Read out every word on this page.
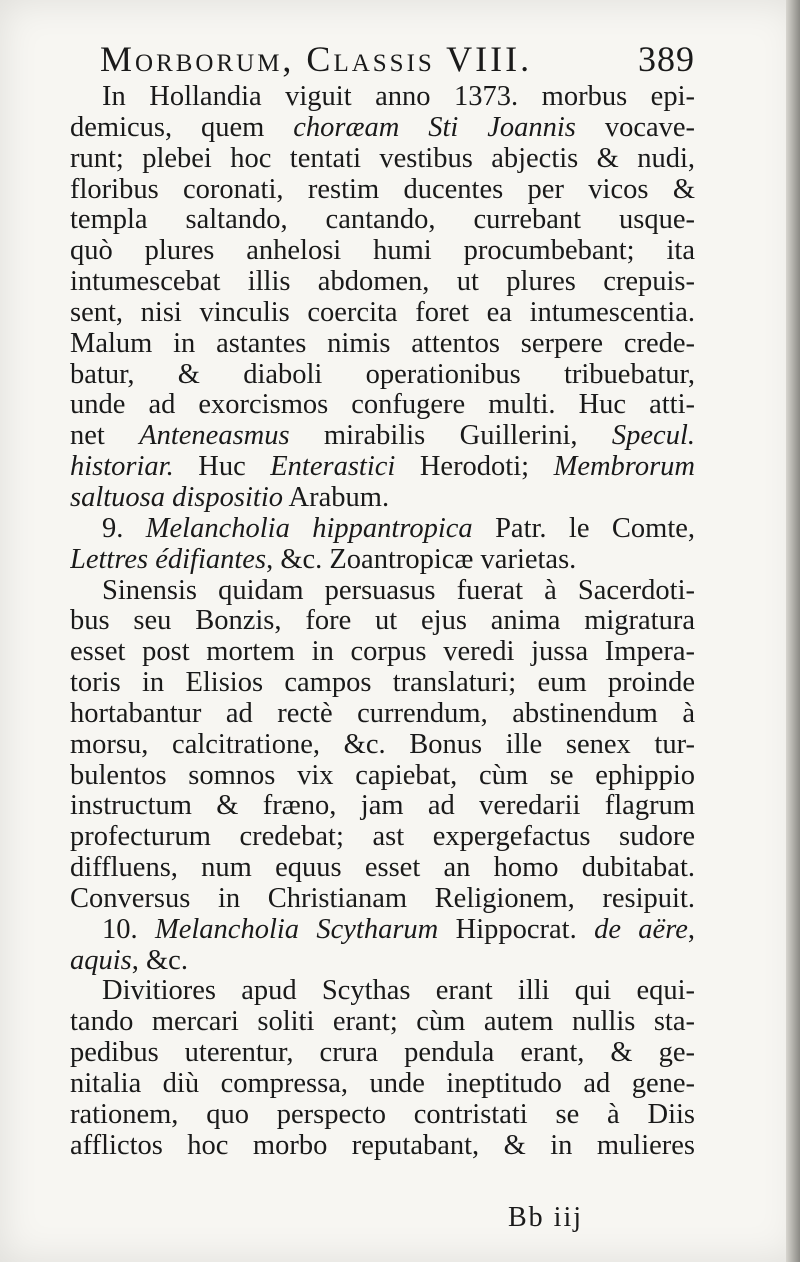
Morborum, Classis VIII.	389
In Hollandia viguit anno 1373. morbus epi-
demicus, quem choræam Sti Joannis vocave-
runt; plebei hoc tentati vestibus abjectis & nudi,
floribus coronati, restim ducentes per vicos &
templa saltando, cantando, currebant usque-
quò plures anhelosi humi procumbebant; ita
intumescebat illis abdomen, ut plures crepuis-
sent, nisi vinculis coercita foret ea intumescentia.
Malum in astantes nimis attentos serpere crede-
batur, & diaboli operationibus tribuebatur,
unde ad exorcismos confugere multi. Huc atti-
net Anteneasmus mirabilis Guillerini, Specul.
historiar. Huc Enterastici Herodoti; Membrorum
saltuosa dispositio Arabum.
9. Melancholia hippantropica Patr. le Comte,
Lettres édifiantes, &c. Zoantropicæ varietas.
Sinensis quidam persuasus fuerat à Sacerdoti-
bus seu Bonzis, fore ut ejus anima migratura
esset post mortem in corpus veredi jussa Impera-
toris in Elisios campos translaturi; eum proinde
hortabantur ad rectè currendum, abstinendum à
morsu, calcitratione, &c. Bonus ille senex tur-
bulentos somnos vix capiebat, cùm se ephippio
instructum & fræno, jam ad veredarii flagrum
profecturum credebat; ast expergefactus sudore
diffluens, num equus esset an homo dubitabat.
Conversus in Christianam Religionem, resipuit.
10. Melancholia Scytharum Hippocrat. de aëre,
aquis, &c.
Divitiores apud Scythas erant illi qui equi-
tando mercari soliti erant; cùm autem nullis sta-
pedibus uterentur, crura pendula erant, & ge-
nitalia diù compressa, unde ineptitudo ad gene-
rationem, quo perspecto contristati se à Diis
afflictos hoc morbo reputabant, & in mulieres
Bb iij
